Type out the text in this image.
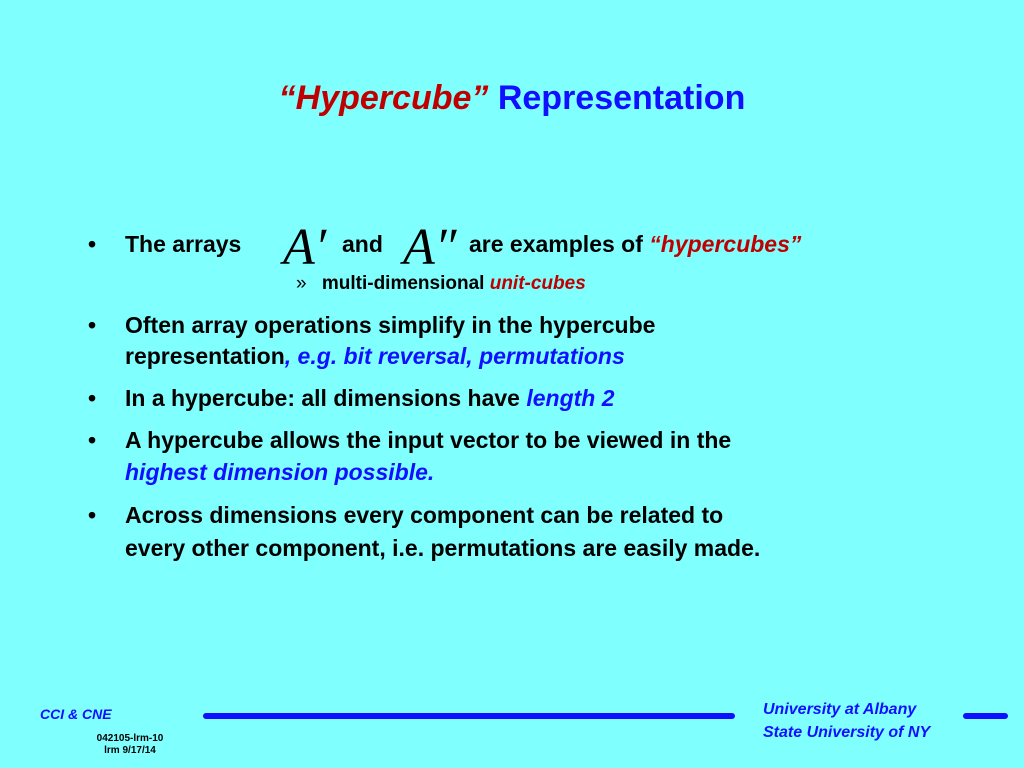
“Hypercube” Representation
• The arrays A′ and A″ are examples of “hypercubes”
» multi-dimensional unit-cubes
• Often array operations simplify in the hypercube
representation, e.g. bit reversal, permutations
• In a hypercube: all dimensions have length 2
• A hypercube allows the input vector to be viewed in the
highest dimension possible.
• Across dimensions every component can be related to
every other component, i.e. permutations are easily made.
CCI & CNE
042105-lrm-10
lrm 9/17/14
University at Albany
State University of NY
